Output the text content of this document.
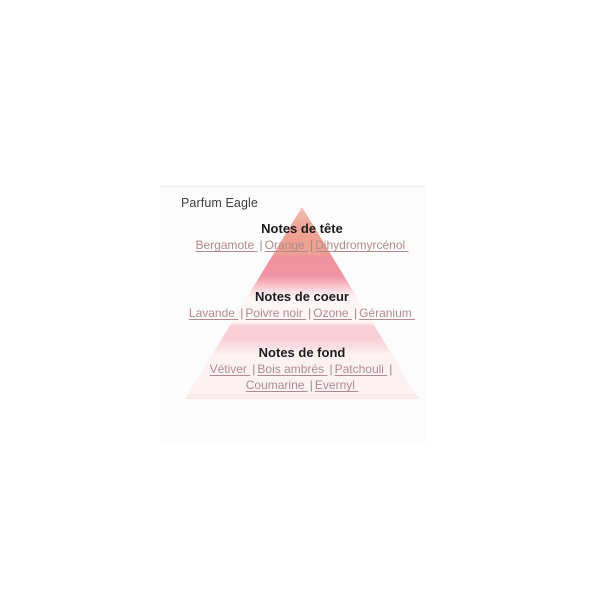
Parfum Eagle
Notes de tête
Bergamote | Orange | Dihydromyrcénol
Notes de coeur
Lavande | Poivre noir | Ozone | Géranium
Notes de fond
Vétiver | Bois ambrés | Patchouli |
Coumarine | Evernyl
